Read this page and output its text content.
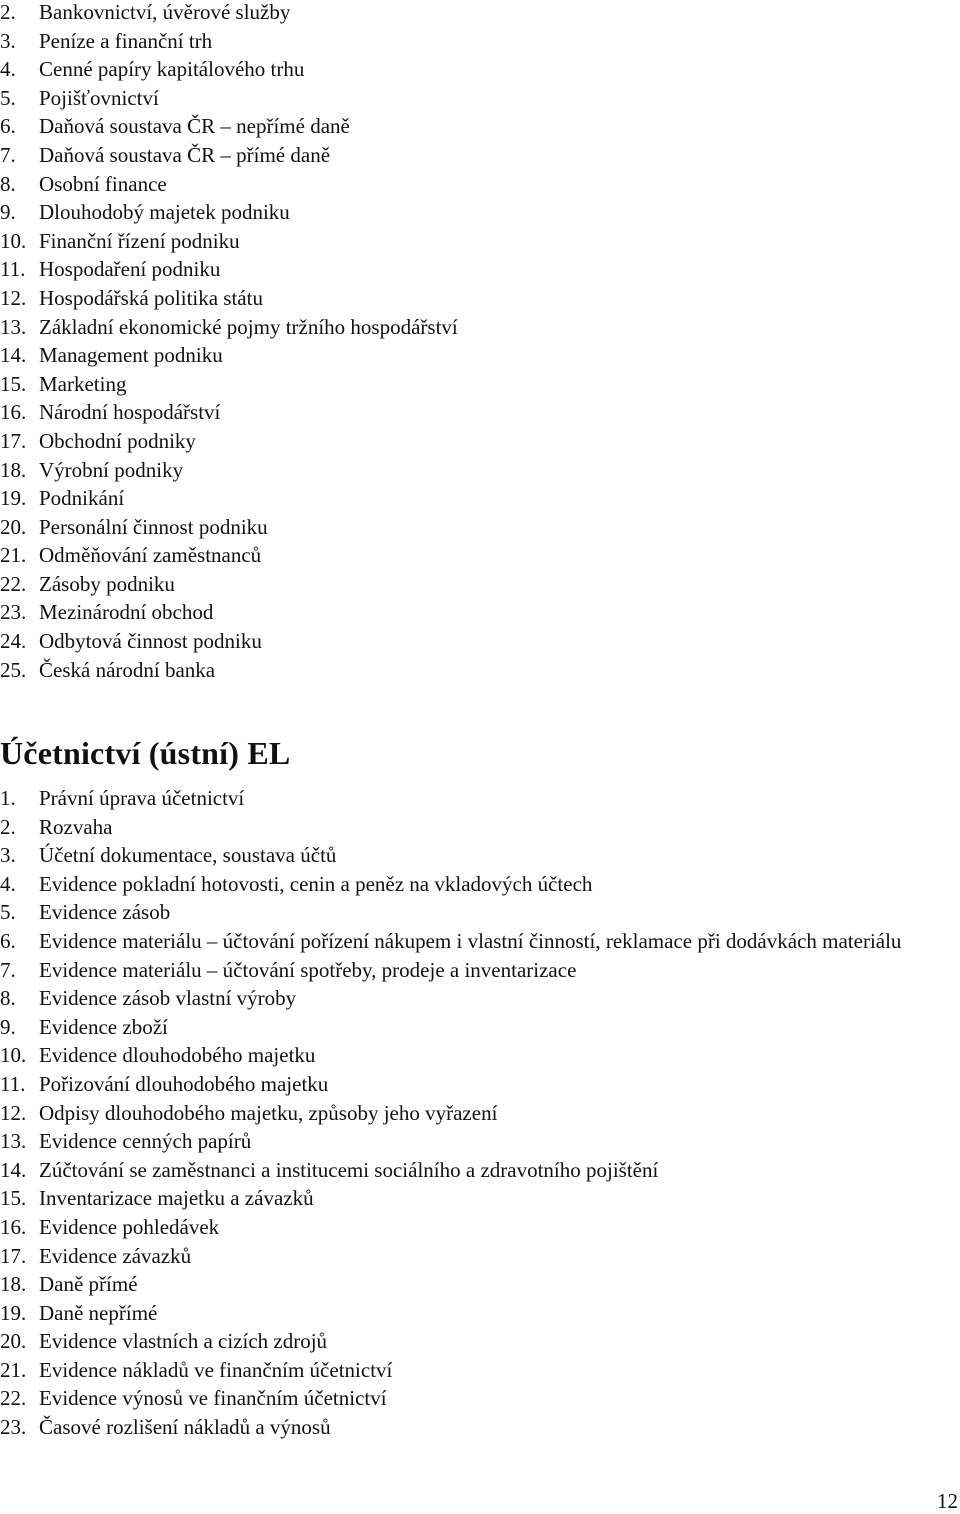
2.	Bankovnictví, úvěrové služby
3.	Peníze a finanční trh
4.	Cenné papíry kapitálového trhu
5.	Pojišťovnictví
6.	Daňová soustava ČR – nepřímé daně
7.	Daňová soustava ČR – přímé daně
8.	Osobní finance
9.	Dlouhodobý majetek podniku
10. Finanční řízení podniku
11. Hospodaření podniku
12. Hospodářská politika státu
13. Základní ekonomické pojmy tržního hospodářství
14. Management podniku
15. Marketing
16. Národní hospodářství
17. Obchodní podniky
18. Výrobní podniky
19. Podnikání
20. Personální činnost podniku
21. Odměňování zaměstnanců
22. Zásoby podniku
23. Mezinárodní obchod
24. Odbytová činnost podniku
25. Česká národní banka
Účetnictví (ústní) EL
1.	Právní úprava účetnictví
2.	Rozvaha
3.	Účetní dokumentace, soustava účtů
4.	Evidence pokladní hotovosti, cenin a peněz na vkladových účtech
5.	Evidence zásob
6.	Evidence materiálu – účtování pořízení nákupem i vlastní činností, reklamace při dodávkách materiálu
7.	Evidence materiálu – účtování spotřeby, prodeje a inventarizace
8.	Evidence zásob vlastní výroby
9.	Evidence zboží
10. Evidence dlouhodobého majetku
11. Pořizování dlouhodobého majetku
12. Odpisy dlouhodobého majetku, způsoby jeho vyřazení
13. Evidence cenných papírů
14. Zúčtování se zaměstnanci a institucemi sociálního a zdravotního pojištění
15. Inventarizace majetku a závazků
16. Evidence pohledávek
17. Evidence závazků
18. Daně přímé
19. Daně nepřímé
20. Evidence vlastních a cizích zdrojů
21. Evidence nákladů ve finančním účetnictví
22. Evidence výnosů ve finančním účetnictví
23. Časové rozlišení nákladů a výnosů
12
